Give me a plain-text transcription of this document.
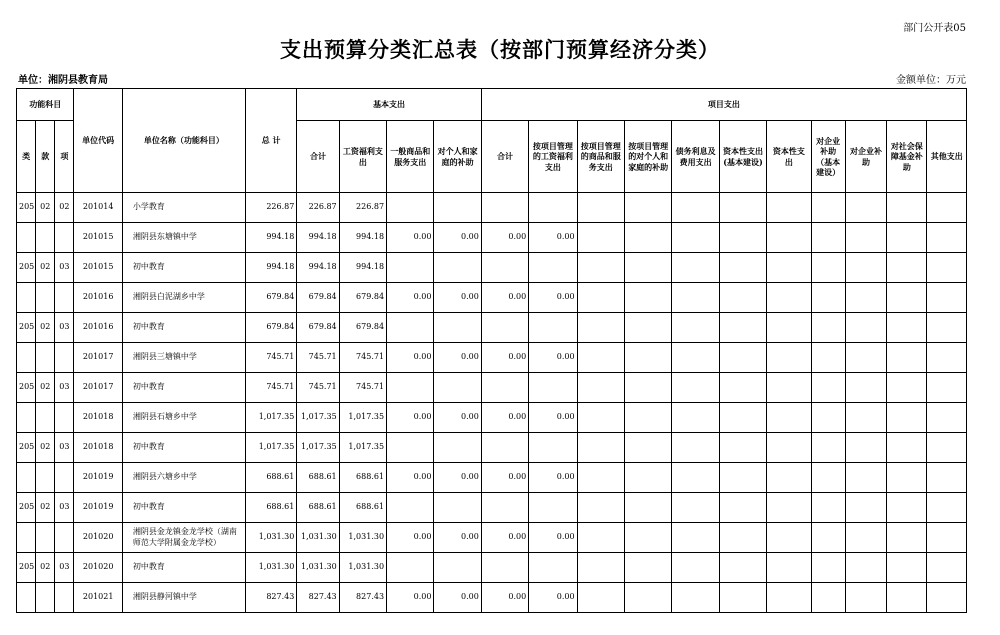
部门公开表05
支出预算分类汇总表（按部门预算经济分类）
单位：湘阴县教育局	金额单位：万元
功能科目			单位代码	单位名称（功能科目）	总 计	基本支出				项目支出										
类	款	项				合计	工资福利支出	一般商品和服务支出	对个人和家庭的补助	合计	按项目管理的工资福利支出	按项目管理的商品和服务支出	按项目管理的对个人和家庭的补助	债务利息及费用支出	资本性支出(基本建设)	资本性支出	对企业补助（基本建设）	对企业补助	对社会保障基金补助	其他支出
205	02	02	201014	小学教育	226.87	226.87	226.87													
			201015	湘阴县东塘镇中学	994.18	994.18	994.18	0.00	0.00	0.00	0.00									
205	02	03	201015	初中教育	994.18	994.18	994.18													
			201016	湘阴县白泥湖乡中学	679.84	679.84	679.84	0.00	0.00	0.00	0.00									
205	02	03	201016	初中教育	679.84	679.84	679.84													
			201017	湘阴县三塘镇中学	745.71	745.71	745.71	0.00	0.00	0.00	0.00									
205	02	03	201017	初中教育	745.71	745.71	745.71													
			201018	湘阴县石塘乡中学	1,017.35	1,017.35	1,017.35	0.00	0.00	0.00	0.00									
205	02	03	201018	初中教育	1,017.35	1,017.35	1,017.35													
			201019	湘阴县六塘乡中学	688.61	688.61	688.61	0.00	0.00	0.00	0.00									
205	02	03	201019	初中教育	688.61	688.61	688.61													
			201020	湘阴县金龙镇金龙学校（湖南师范大学附属金龙学校）	1,031.30	1,031.30	1,031.30	0.00	0.00	0.00	0.00									
205	02	03	201020	初中教育	1,031.30	1,031.30	1,031.30													
			201021	湘阴县静河镇中学	827.43	827.43	827.43	0.00	0.00	0.00	0.00									
